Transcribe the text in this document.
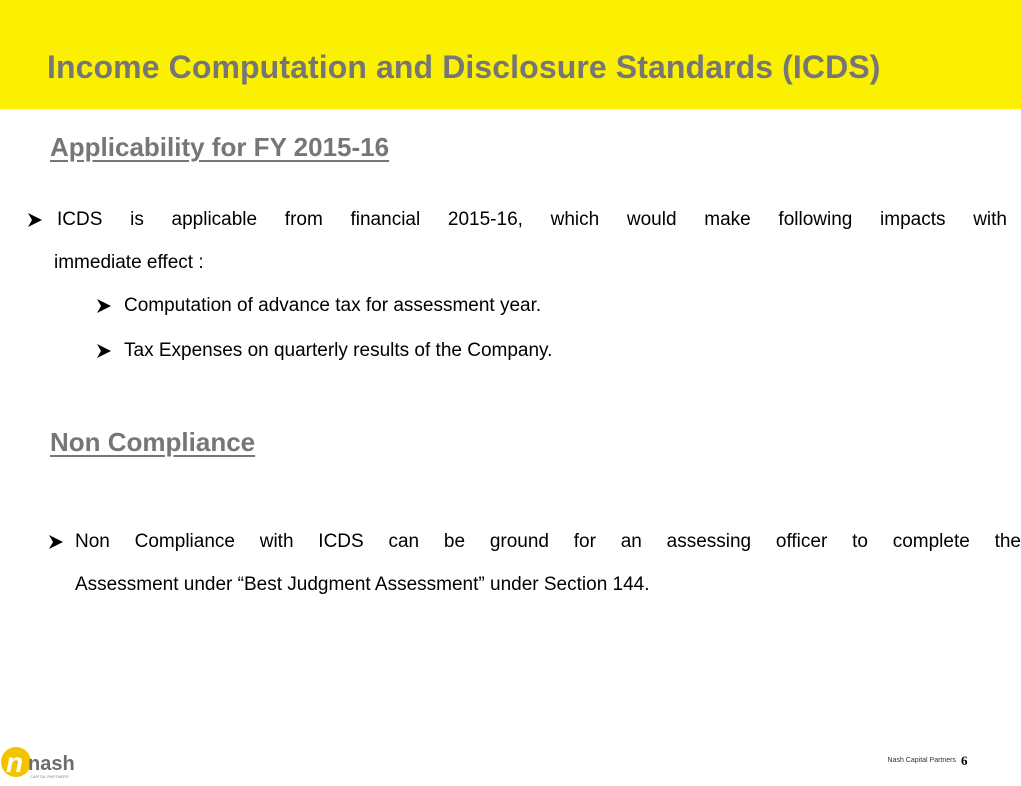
Income Computation and Disclosure Standards (ICDS)
Applicability for FY 2015-16
ICDS is applicable from financial 2015-16, which would make following impacts with
immediate effect :
Computation of advance tax for assessment year.
Tax Expenses on quarterly results of the Company.
Non Compliance
Non Compliance with ICDS can be ground for an assessing officer to complete the
Assessment under “Best Judgment Assessment” under Section 144.
n nash
CAPITAL PARTNERS
Nash Capital Partners 6
